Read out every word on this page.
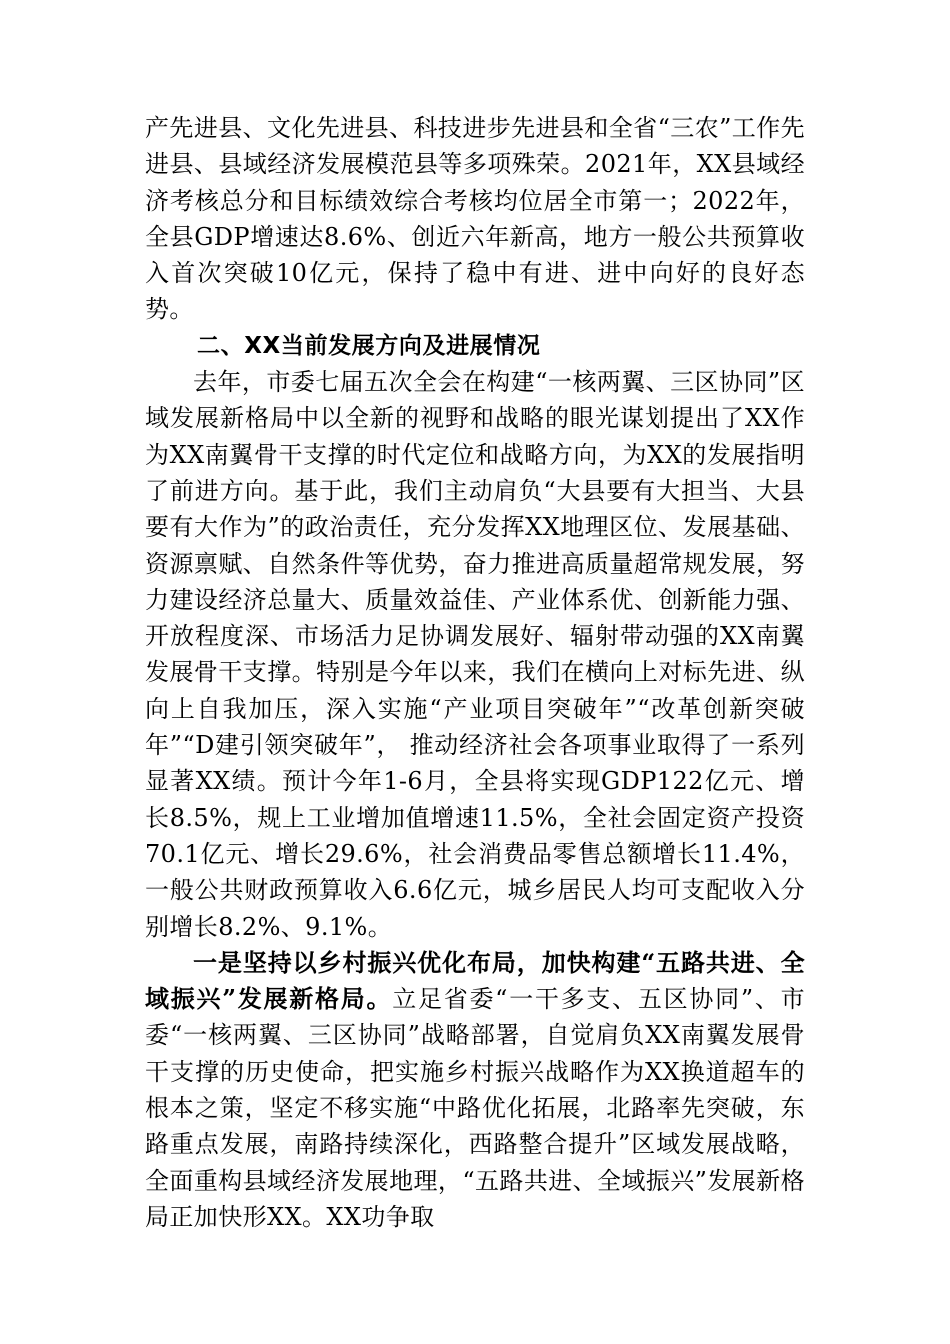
产先进县、文化先进县、科技进步先进县和全省“三农”工作先进县、县域经济发展模范县等多项殊荣。2021年，XX县域经济考核总分和目标绩效综合考核均位居全市第一；2022年，全县GDP增速达8.6%、创近六年新高，地方一般公共预算收入首次突破10亿元，保持了稳中有进、进中向好的良好态势。

二、XX当前发展方向及进展情况

去年，市委七届五次全会在构建“一核两翼、三区协同”区域发展新格局中以全新的视野和战略的眼光谋划提出了XX作为XX南翼骨干支撑的时代定位和战略方向，为XX的发展指明了前进方向。基于此，我们主动肩负“大县要有大担当、大县要有大作为”的政治责任，充分发挥XX地理区位、发展基础、资源禀赋、自然条件等优势，奋力推进高质量超常规发展，努力建设经济总量大、质量效益佳、产业体系优、创新能力强、开放程度深、市场活力足协调发展好、辐射带动强的XX南翼发展骨干支撑。特别是今年以来，我们在横向上对标先进、纵向上自我加压，深入实施“产业项目突破年”“改革创新突破年”“D建引领突破年”， 推动经济社会各项事业取得了一系列显著XX绩。预计今年1-6月，全县将实现GDP122亿元、增长8.5%，规上工业增加值增速11.5%，全社会固定资产投资70.1亿元、增长29.6%，社会消费品零售总额增长11.4%，一般公共财政预算收入6.6亿元，城乡居民人均可支配收入分别增长8.2%、9.1%。

一是坚持以乡村振兴优化布局，加快构建“五路共进、全域振兴”发展新格局。立足省委“一干多支、五区协同”、市委“一核两翼、三区协同”战略部署，自觉肩负XX南翼发展骨干支撑的历史使命，把实施乡村振兴战略作为XX换道超车的根本之策，坚定不移实施“中路优化拓展，北路率先突破，东路重点发展，南路持续深化，西路整合提升”区域发展战略，全面重构县域经济发展地理，“五路共进、全域振兴”发展新格局正加快形XX。XX功争取
